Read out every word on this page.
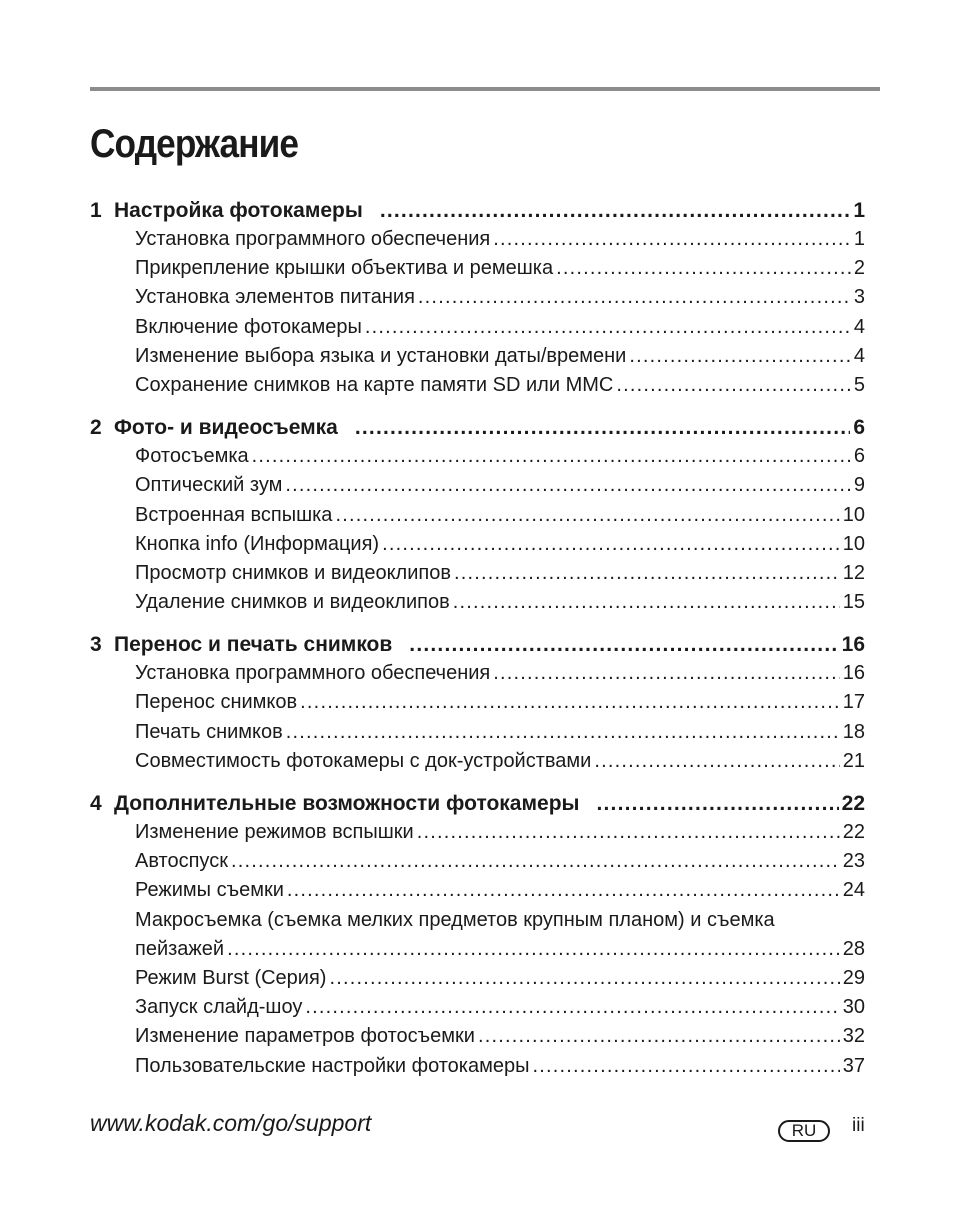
Содержание
1 Настройка фотокамеры .....	1
Установка программного обеспечения .....	1
Прикрепление крышки объектива и ремешка .....	2
Установка элементов питания .....	3
Включение фотокамеры .....	4
Изменение выбора языка и установки даты/времени .....	4
Сохранение снимков на карте памяти SD или MMC .....	5
2 Фото- и видеосъемка .....	6
Фотосъемка .....	6
Оптический зум .....	9
Встроенная вспышка .....	10
Кнопка info (Информация) .....	10
Просмотр снимков и видеоклипов .....	12
Удаление снимков и видеоклипов .....	15
3 Перенос и печать снимков .....	16
Установка программного обеспечения .....	16
Перенос снимков .....	17
Печать снимков .....	18
Совместимость фотокамеры с док-устройствами .....	21
4 Дополнительные возможности фотокамеры .....	22
Изменение режимов вспышки .....	22
Автоспуск .....	23
Режимы съемки .....	24
Макросъемка (съемка мелких предметов крупным планом) и съемка
пейзажей .....	28
Режим Burst (Серия) .....	29
Запуск слайд-шоу .....	30
Изменение параметров фотосъемки .....	32
Пользовательские настройки фотокамеры .....	37
www.kodak.com/go/support	RU	iii
